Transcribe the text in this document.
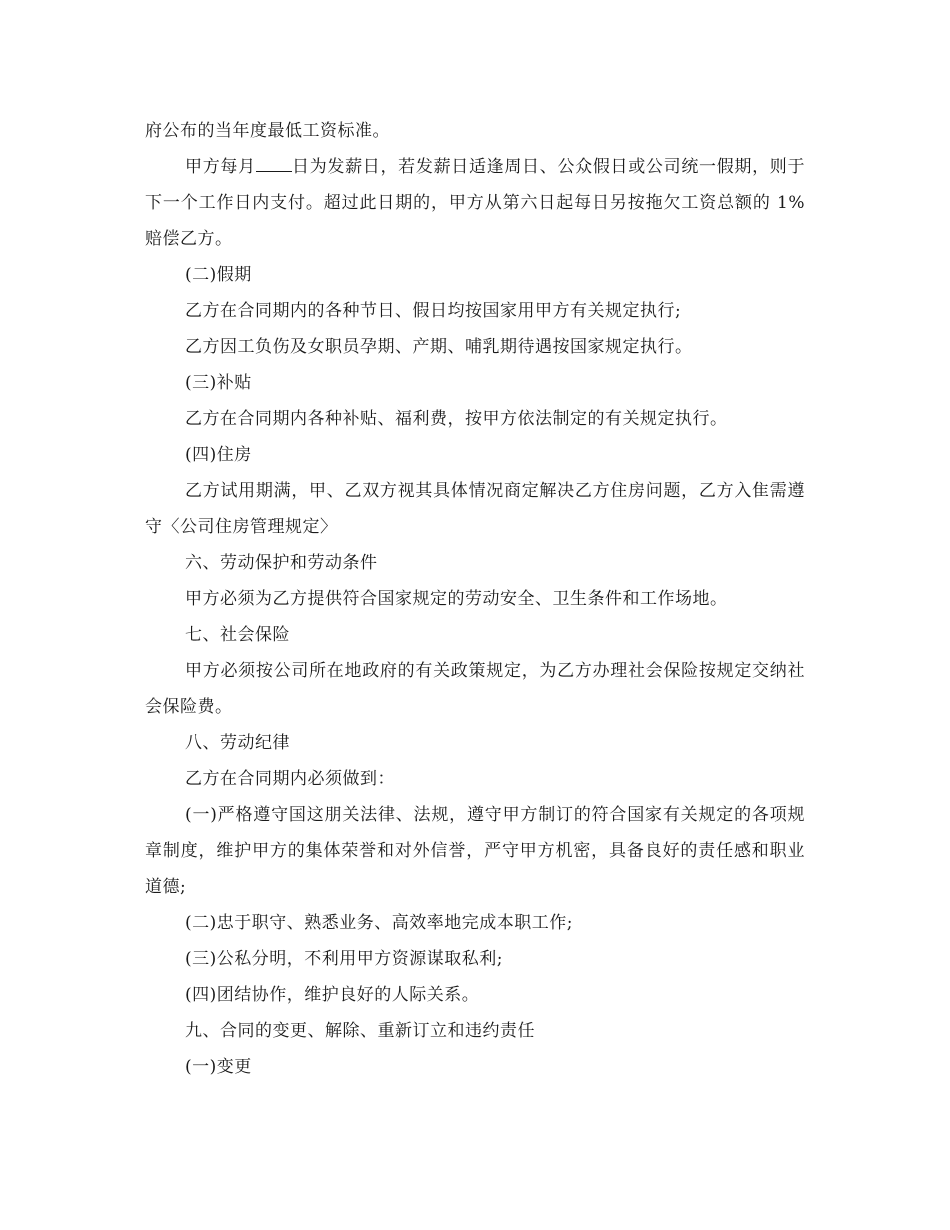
府公布的当年度最低工资标准。

甲方每月 日为发薪日，若发薪日适逢周日、公众假日或公司统一假期，则于下一个工作日内支付。超过此日期的，甲方从第六日起每日另按拖欠工资总额的 1%赔偿乙方。

(二)假期

乙方在合同期内的各种节日、假日均按国家用甲方有关规定执行;

乙方因工负伤及女职员孕期、产期、哺乳期待遇按国家规定执行。

(三)补贴

乙方在合同期内各种补贴、福利费，按甲方依法制定的有关规定执行。

(四)住房

乙方试用期满，甲、乙双方视其具体情况商定解决乙方住房问题，乙方入隹需遵守〈公司住房管理规定〉

六、劳动保护和劳动条件

甲方必须为乙方提供符合国家规定的劳动安全、卫生条件和工作场地。

七、社会保险

甲方必须按公司所在地政府的有关政策规定，为乙方办理社会保险按规定交纳社会保险费。

八、劳动纪律

乙方在合同期内必须做到：

(一)严格遵守国这朋关法律、法规，遵守甲方制订的符合国家有关规定的各项规章制度，维护甲方的集体荣誉和对外信誉，严守甲方机密，具备良好的责任感和职业道德;

(二)忠于职守、熟悉业务、高效率地完成本职工作;

(三)公私分明，不利用甲方资源谋取私利;

(四)团结协作，维护良好的人际关系。

九、合同的变更、解除、重新订立和违约责任

(一)变更
